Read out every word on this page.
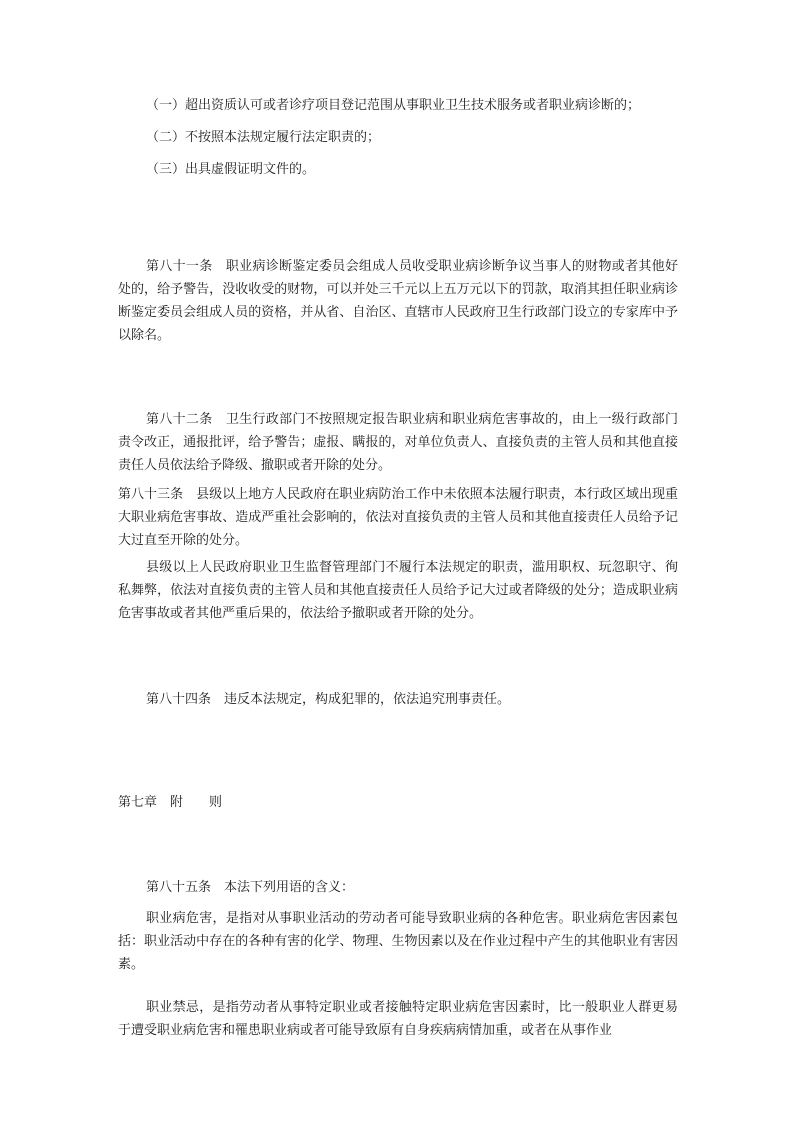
（一）超出资质认可或者诊疗项目登记范围从事职业卫生技术服务或者职业病诊断的；
（二）不按照本法规定履行法定职责的；
（三）出具虚假证明文件的。
第八十一条　职业病诊断鉴定委员会组成人员收受职业病诊断争议当事人的财物或者其他好处的，给予警告，没收收受的财物，可以并处三千元以上五万元以下的罚款，取消其担任职业病诊断鉴定委员会组成人员的资格，并从省、自治区、直辖市人民政府卫生行政部门设立的专家库中予以除名。
第八十二条　卫生行政部门不按照规定报告职业病和职业病危害事故的，由上一级行政部门责令改正，通报批评，给予警告；虚报、瞒报的，对单位负责人、直接负责的主管人员和其他直接责任人员依法给予降级、撤职或者开除的处分。
第八十三条　县级以上地方人民政府在职业病防治工作中未依照本法履行职责，本行政区域出现重大职业病危害事故、造成严重社会影响的，依法对直接负责的主管人员和其他直接责任人员给予记大过直至开除的处分。
县级以上人民政府职业卫生监督管理部门不履行本法规定的职责，滥用职权、玩忽职守、徇私舞弊，依法对直接负责的主管人员和其他直接责任人员给予记大过或者降级的处分；造成职业病危害事故或者其他严重后果的，依法给予撤职或者开除的处分。
第八十四条　违反本法规定，构成犯罪的，依法追究刑事责任。
第七章　附　　则
第八十五条　本法下列用语的含义：
职业病危害，是指对从事职业活动的劳动者可能导致职业病的各种危害。职业病危害因素包括：职业活动中存在的各种有害的化学、物理、生物因素以及在作业过程中产生的其他职业有害因素。
职业禁忌，是指劳动者从事特定职业或者接触特定职业病危害因素时，比一般职业人群更易于遭受职业病危害和罹患职业病或者可能导致原有自身疾病病情加重，或者在从事作业
